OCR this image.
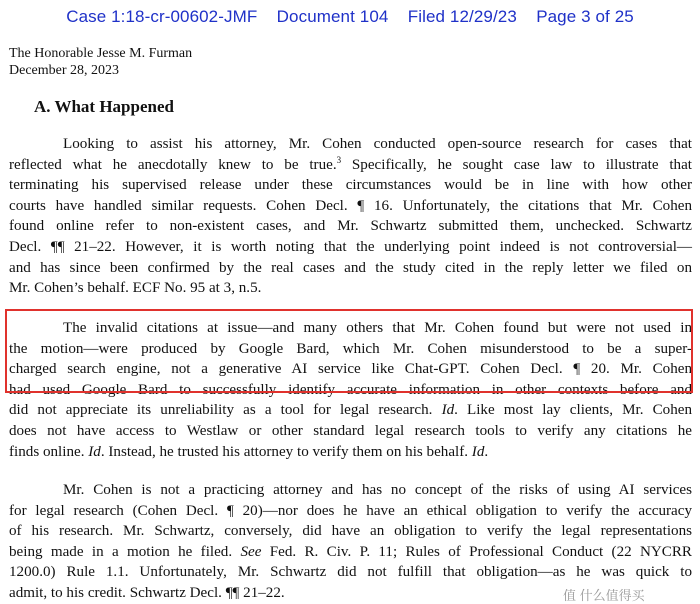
Case 1:18-cr-00602-JMF Document 104 Filed 12/29/23 Page 3 of 25
The Honorable Jesse M. Furman
December 28, 2023
A. What Happened
Looking to assist his attorney, Mr. Cohen conducted open-source research for cases that
reflected what he anecdotally knew to be true.$^3$ Specifically, he sought case law to illustrate that
terminating his supervised release under these circumstances would be in line with how other
courts have handled similar requests. Cohen Decl. ¶ 16. Unfortunately, the citations that Mr. Cohen
found online refer to non-existent cases, and Mr. Schwartz submitted them, unchecked. Schwartz
Decl. ¶¶ 21–22. However, it is worth noting that the underlying point indeed is not controversial—
and has since been confirmed by the real cases and the study cited in the reply letter we filed on
Mr. Cohen’s behalf. ECF No. 95 at 3, n.5.
The invalid citations at issue—and many others that Mr. Cohen found but were not used in
the motion—were produced by Google Bard, which Mr. Cohen misunderstood to be a super-
charged search engine, not a generative AI service like Chat-GPT. Cohen Decl. ¶ 20. Mr. Cohen
had used Google Bard to successfully identify accurate information in other contexts before and
did not appreciate its unreliability as a tool for legal research. Id. Like most lay clients, Mr. Cohen
does not have access to Westlaw or other standard legal research tools to verify any citations he
finds online. Id. Instead, he trusted his attorney to verify them on his behalf. Id.
Mr. Cohen is not a practicing attorney and has no concept of the risks of using AI services
for legal research (Cohen Decl. ¶ 20)—nor does he have an ethical obligation to verify the accuracy
of his research. Mr. Schwartz, conversely, did have an obligation to verify the legal representations
being made in a motion he filed. See Fed. R. Civ. P. 11; Rules of Professional Conduct (22 NYCRR
1200.0) Rule 1.1. Unfortunately, Mr. Schwartz did not fulfill that obligation—as he was quick to
admit, to his credit. Schwartz Decl. ¶¶ 21–22.	值 什么值得买
